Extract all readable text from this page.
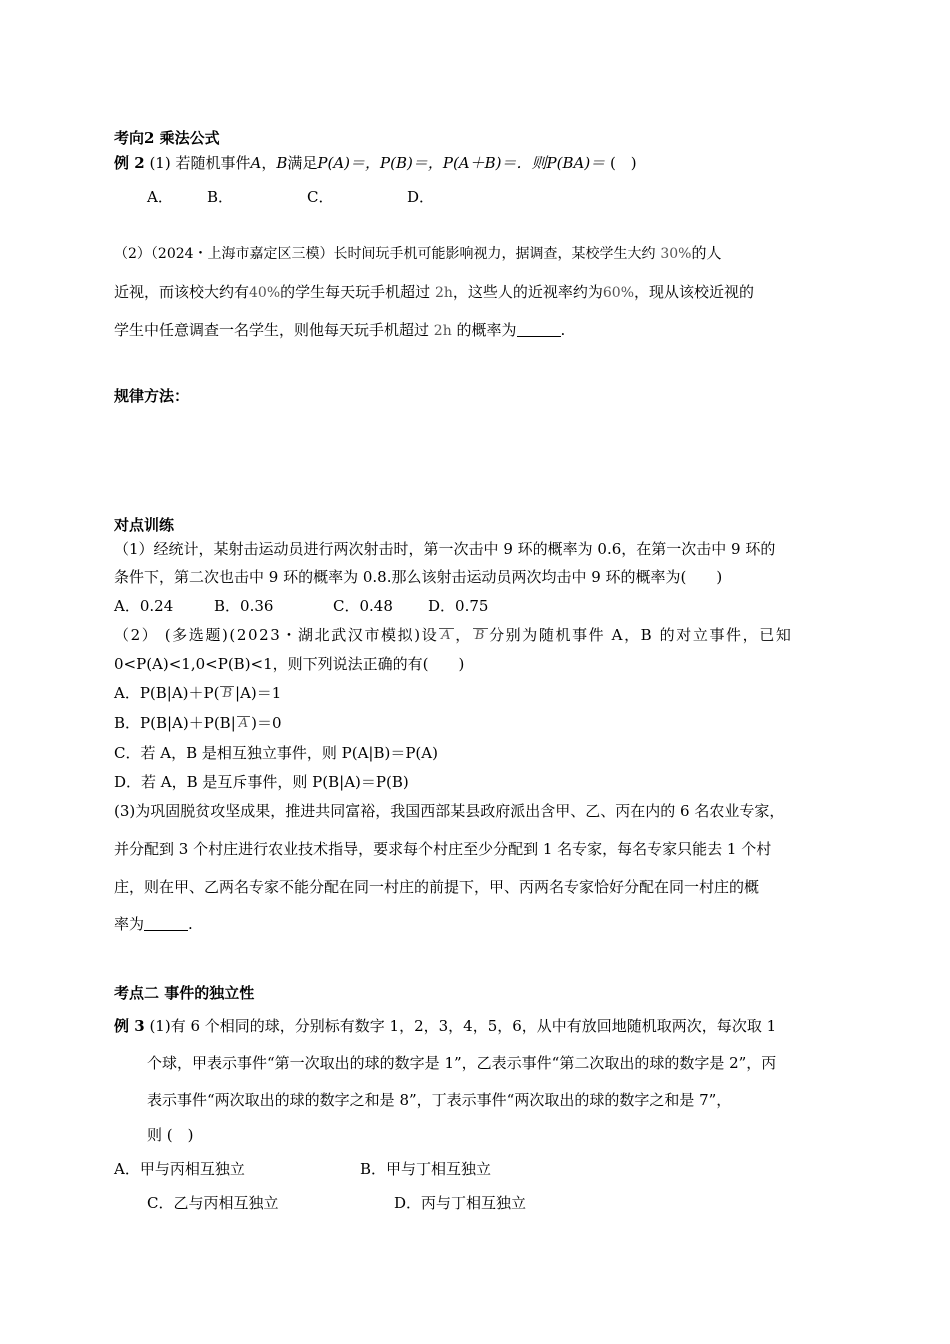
考向2 乘法公式
例 2 (1) 若随机事件A，B满足P(A)＝，P(B)＝，P(A＋B)＝．则P(BA)＝ (　)
A． B．	C．	D．
（2）（2024・上海市嘉定区三模）长时间玩手机可能影响视力，据调查，某校学生大约 30%的人
近视，而该校大约有40%的学生每天玩手机超过 2h，这些人的近视率约为60%，现从该校近视的
学生中任意调查一名学生，则他每天玩手机超过 2h 的概率为	.
规律方法：
对点训练
（1）经统计，某射击运动员进行两次射击时，第一次击中 9 环的概率为 0.6，在第一次击中 9 环的
条件下，第二次也击中 9 环的概率为 0.8.那么该射击运动员两次均击中 9 环的概率为(　　)
A．0.24	B．0.36	C．0.48 D．0.75
（2） (多选题)(2023・湖北武汉市模拟)设 A ， B 分别为随机事件 A，B 的对立事件，已知
0<P(A)<1,0<P(B)<1，则下列说法正确的有(　　)
A．P(B|A)＋P( B |A)＝1
B．P(B|A)＋P(B| A )＝0
C．若 A，B 是相互独立事件，则 P(A|B)＝P(A)
D．若 A，B 是互斥事件，则 P(B|A)＝P(B)
(3)为巩固脱贫攻坚成果，推进共同富裕，我国西部某县政府派出含甲、乙、丙在内的 6 名农业专家，
并分配到 3 个村庄进行农业技术指导，要求每个村庄至少分配到 1 名专家，每名专家只能去 1 个村
庄，则在甲、乙两名专家不能分配在同一村庄的前提下，甲、丙两名专家恰好分配在同一村庄的概
率为	.
考点二 事件的独立性
例 3 (1)有 6 个相同的球，分别标有数字 1，2，3，4，5，6，从中有放回地随机取两次，每次取 1
个球，甲表示事件“第一次取出的球的数字是 1”，乙表示事件“第二次取出的球的数字是 2”，丙
表示事件“两次取出的球的数字之和是 8”，丁表示事件“两次取出的球的数字之和是 7”，
则 (　)
A．甲与丙相互独立	B．甲与丁相互独立
C．乙与丙相互独立	D．丙与丁相互独立
